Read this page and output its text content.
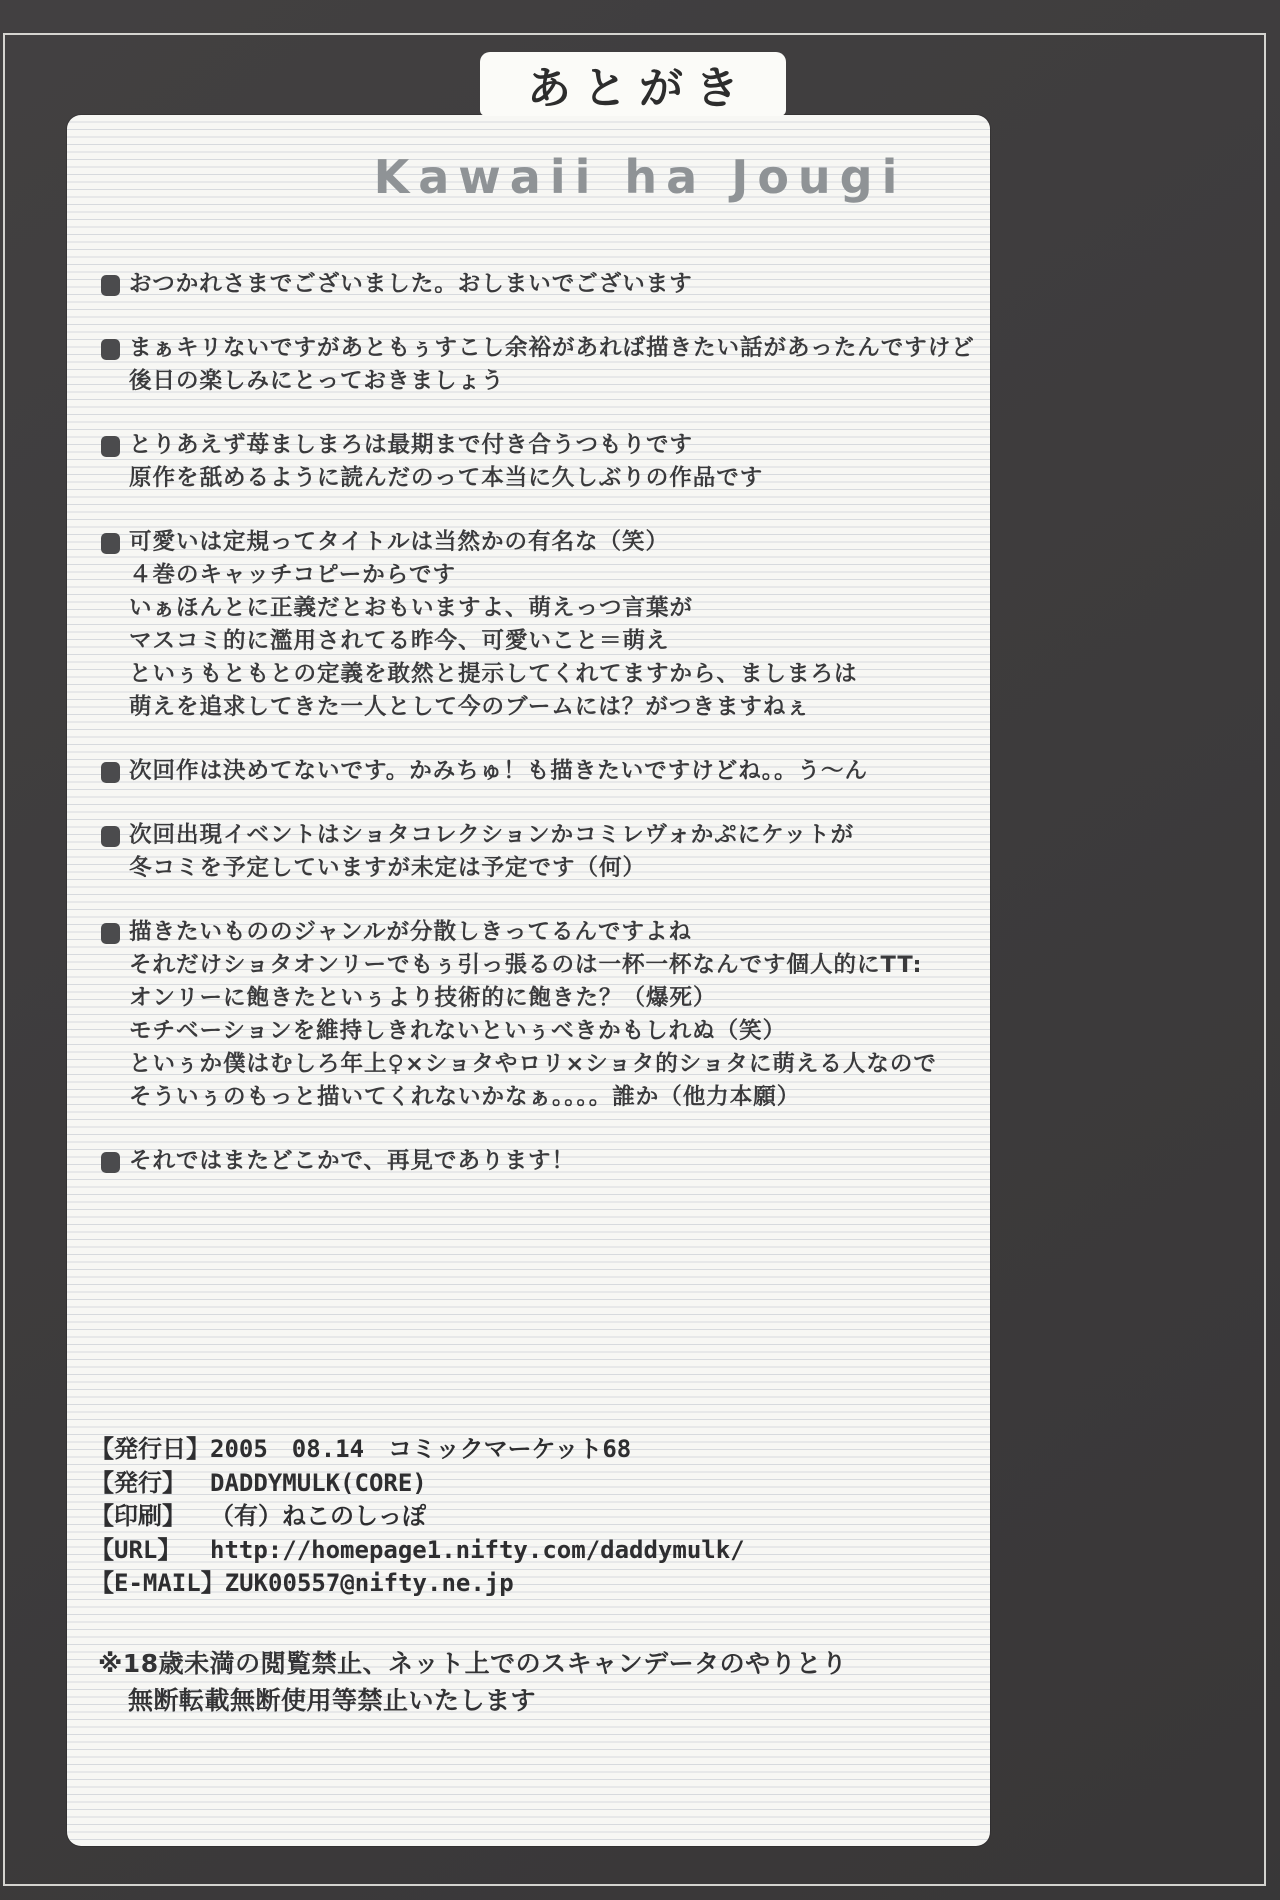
あとがき
Kawaii ha Jougi
おつかれさまでございました。おしまいでございます
まぁキリないですがあともぅすこし余裕があれば描きたい話があったんですけど
後日の楽しみにとっておきましょう
とりあえず苺ましまろは最期まで付き合うつもりです
原作を舐めるように読んだのって本当に久しぶりの作品です
可愛いは定規ってタイトルは当然かの有名な（笑）
４巻のキャッチコピーからです
いぁほんとに正義だとおもいますよ、萌えっつ言葉が
マスコミ的に濫用されてる昨今、可愛いこと＝萌え
といぅもともとの定義を敢然と提示してくれてますから、ましまろは
萌えを追求してきた一人として今のブームには？がつきますねぇ
次回作は決めてないです。かみちゅ！も描きたいですけどね。。う～ん
次回出現イベントはショタコレクションかコミレヴォかぷにケットが
冬コミを予定していますが未定は予定です（何）
描きたいもののジャンルが分散しきってるんですよね
それだけショタオンリーでもぅ引っ張るのは一杯一杯なんです個人的にTT:
オンリーに飽きたといぅより技術的に飽きた？（爆死）
モチベーションを維持しきれないといぅべきかもしれぬ（笑）
といぅか僕はむしろ年上♀×ショタやロリ×ショタ的ショタに萌える人なので
そういぅのもっと描いてくれないかなぁ。。。。誰か（他力本願）
それではまたどこかで、再見であります！
【発行日】 2005　08.14　コミックマーケット68
【発行】	DADDYMULK(CORE)
【印刷】	（有）ねこのしっぽ
【URL】	http://homepage1.nifty.com/daddymulk/
【E-MAIL】 ZUK00557@nifty.ne.jp
※18歳未満の閲覧禁止、ネット上でのスキャンデータのやりとり
無断転載無断使用等禁止いたします
